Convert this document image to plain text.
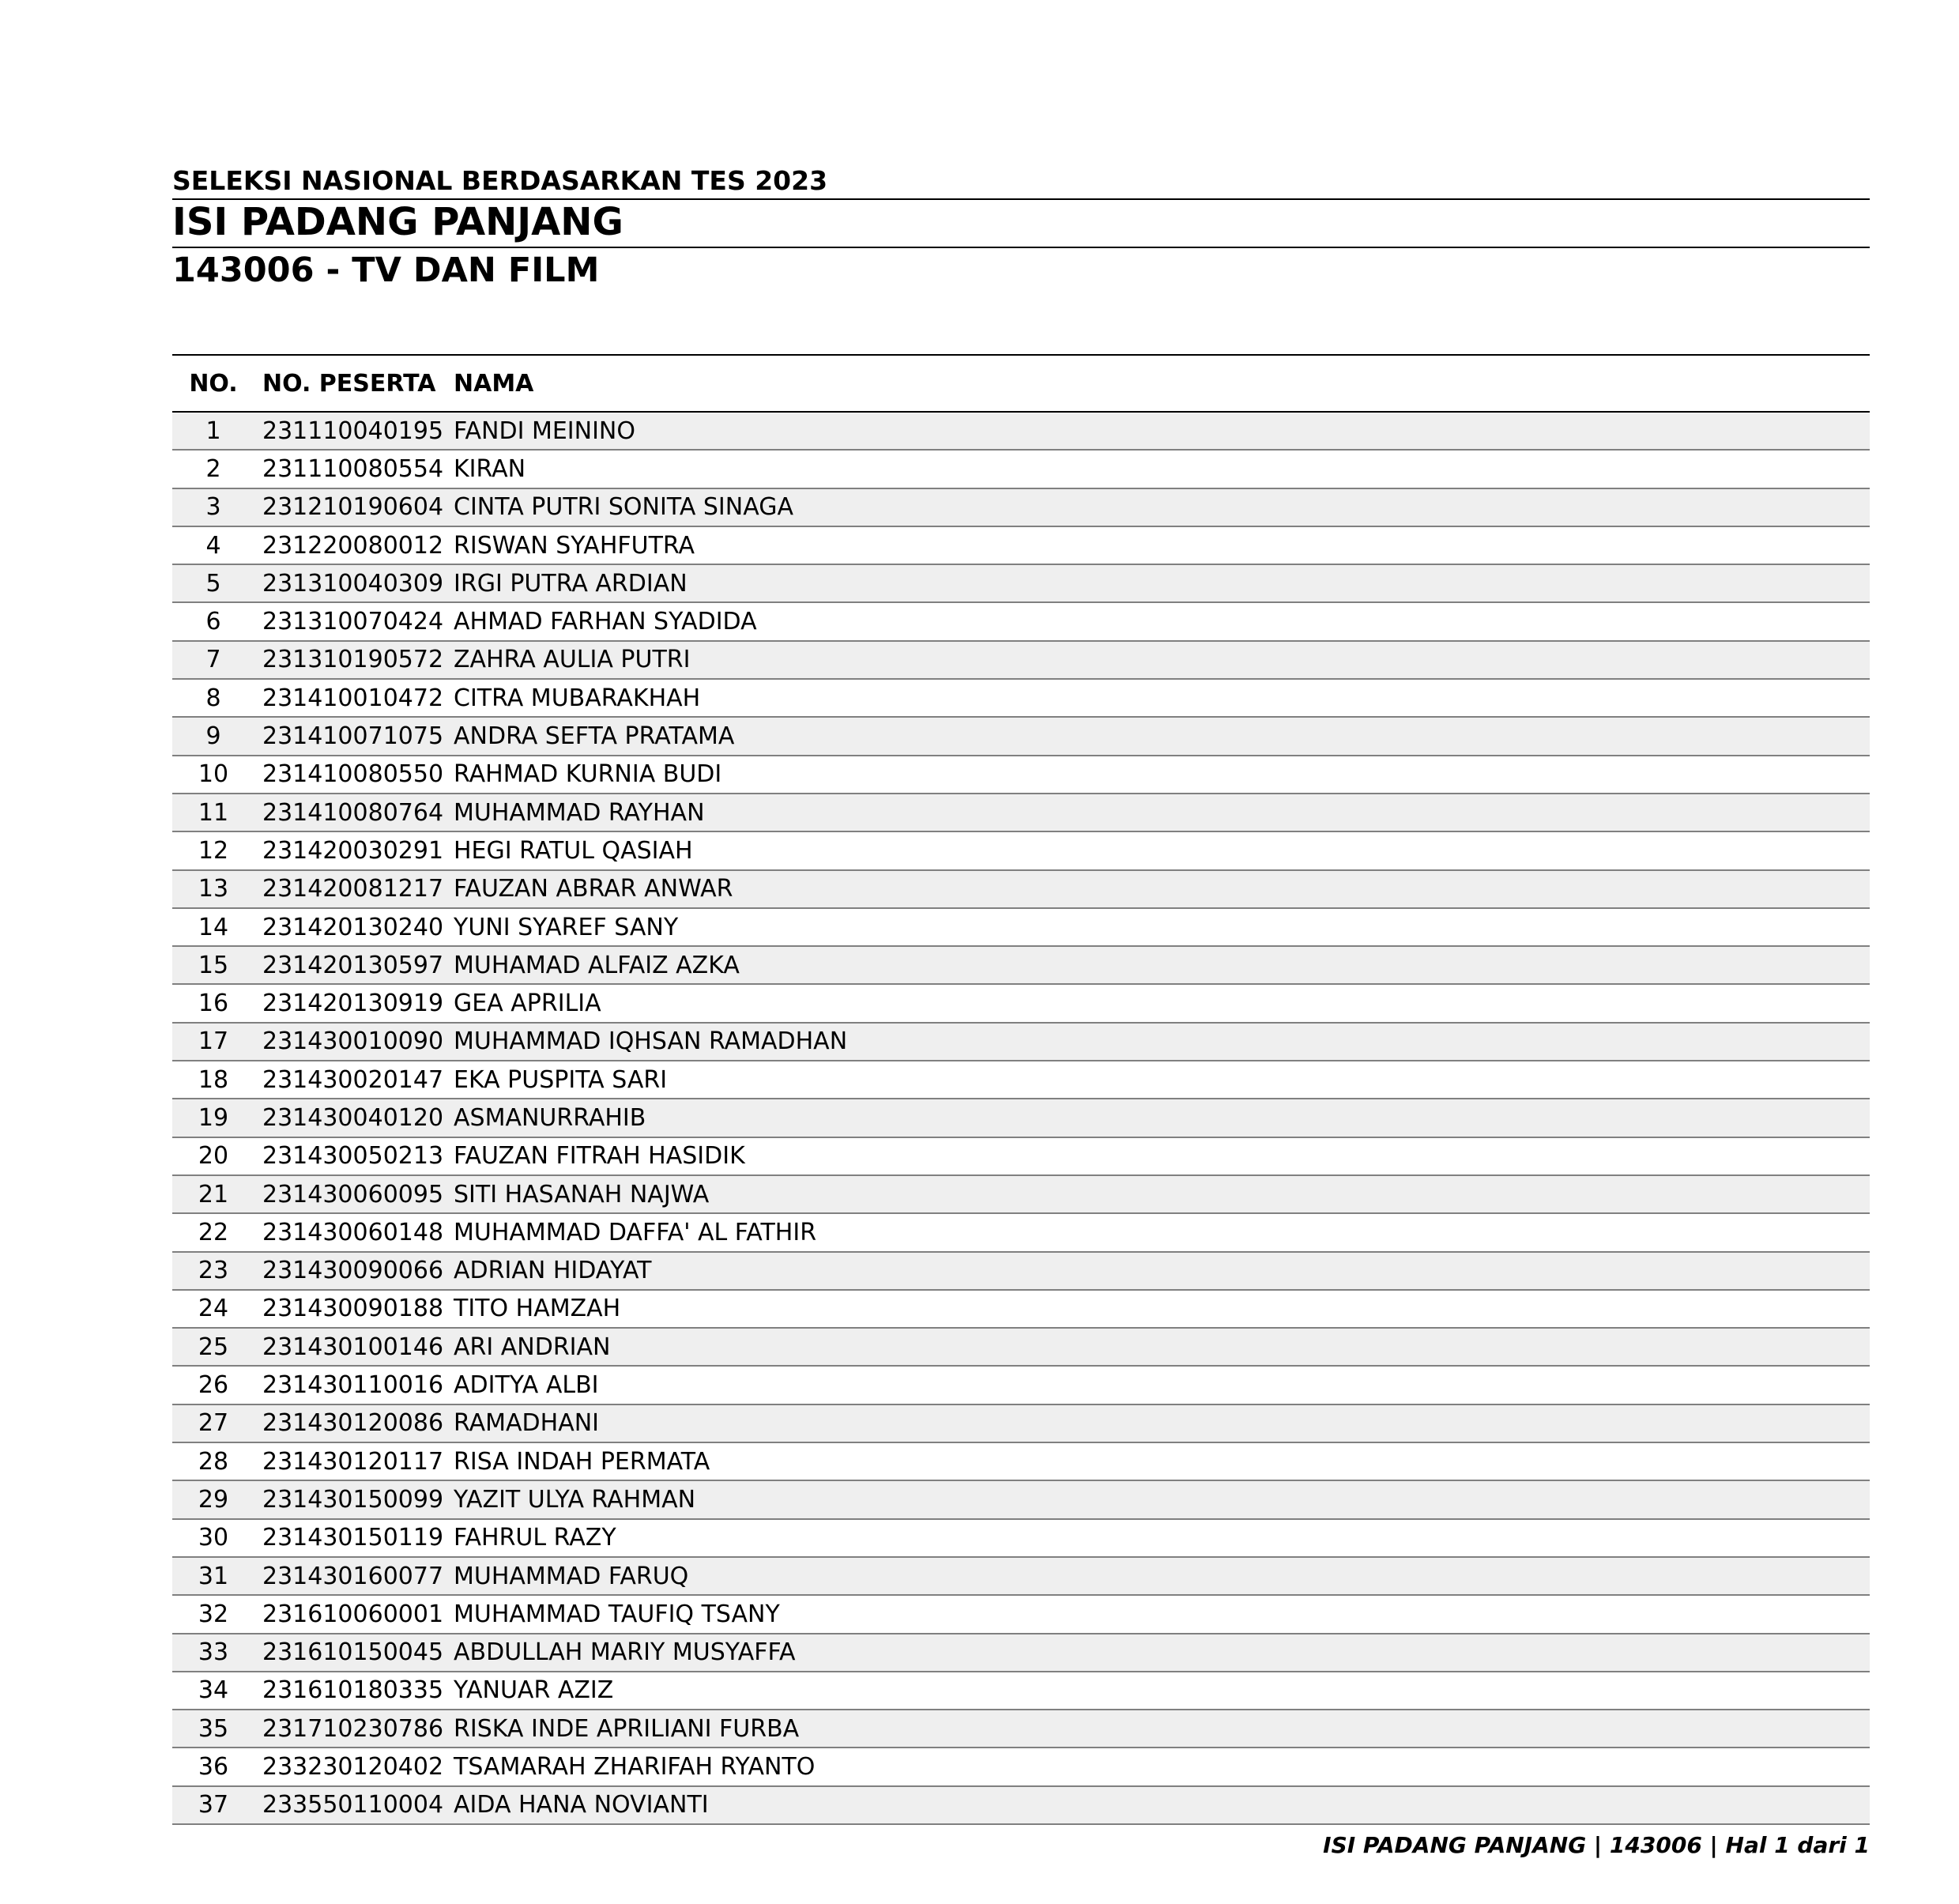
SELEKSI NASIONAL BERDASARKAN TES 2023
ISI PADANG PANJANG
143006 - TV DAN FILM
NO.	NO. PESERTA	NAMA
1	231110040195	FANDI MEININO
2	231110080554	KIRAN
3	231210190604	CINTA PUTRI SONITA SINAGA
4	231220080012	RISWAN SYAHFUTRA
5	231310040309	IRGI PUTRA ARDIAN
6	231310070424	AHMAD FARHAN SYADIDA
7	231310190572	ZAHRA AULIA PUTRI
8	231410010472	CITRA MUBARAKHAH
9	231410071075	ANDRA SEFTA PRATAMA
10	231410080550	RAHMAD KURNIA BUDI
11	231410080764	MUHAMMAD RAYHAN
12	231420030291	HEGI RATUL QASIAH
13	231420081217	FAUZAN ABRAR ANWAR
14	231420130240	YUNI SYAREF SANY
15	231420130597	MUHAMAD ALFAIZ AZKA
16	231420130919	GEA APRILIA
17	231430010090	MUHAMMAD IQHSAN RAMADHAN
18	231430020147	EKA PUSPITA SARI
19	231430040120	ASMANURRAHIB
20	231430050213	FAUZAN FITRAH HASIDIK
21	231430060095	SITI HASANAH NAJWA
22	231430060148	MUHAMMAD DAFFA' AL FATHIR
23	231430090066	ADRIAN HIDAYAT
24	231430090188	TITO HAMZAH
25	231430100146	ARI ANDRIAN
26	231430110016	ADITYA ALBI
27	231430120086	RAMADHANI
28	231430120117	RISA INDAH PERMATA
29	231430150099	YAZIT ULYA RAHMAN
30	231430150119	FAHRUL RAZY
31	231430160077	MUHAMMAD FARUQ
32	231610060001	MUHAMMAD TAUFIQ TSANY
33	231610150045	ABDULLAH MARIY MUSYAFFA
34	231610180335	YANUAR AZIZ
35	231710230786	RISKA INDE APRILIANI FURBA
36	233230120402	TSAMARAH ZHARIFAH RYANTO
37	233550110004	AIDA HANA NOVIANTI
ISI PADANG PANJANG | 143006 | Hal 1 dari 1
